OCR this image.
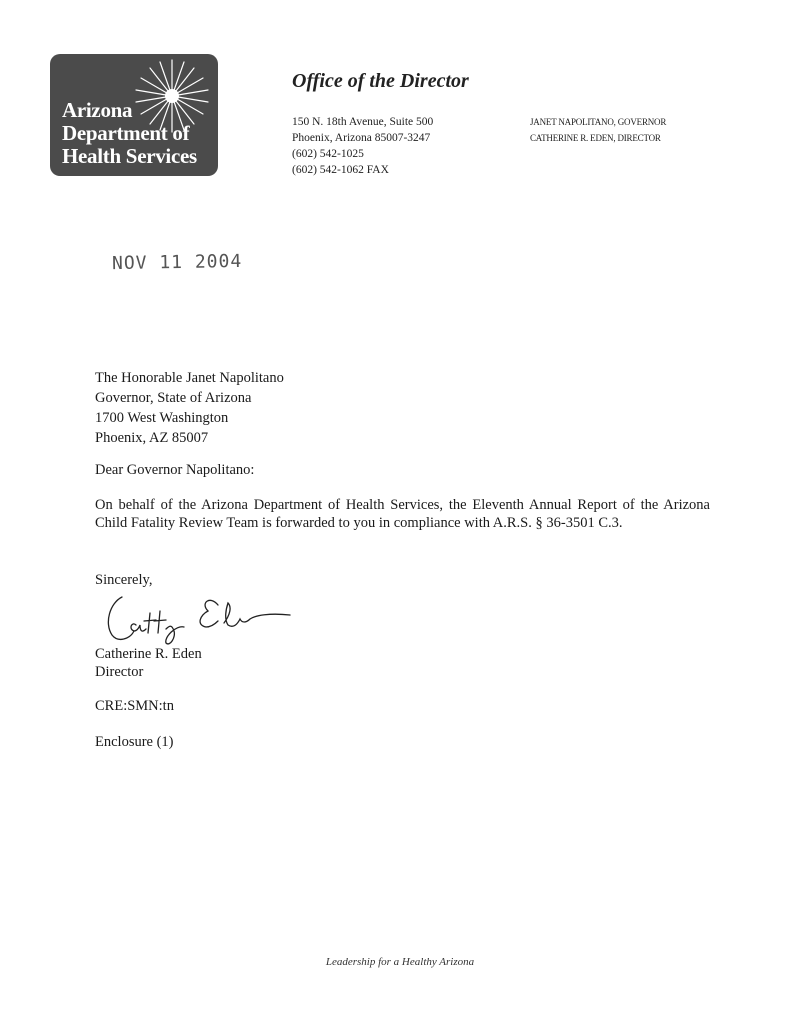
Arizona
Department of
Health Services
Office of the Director
150 N. 18th Avenue, Suite 500
Phoenix, Arizona 85007-3247
(602) 542-1025
(602) 542-1062 FAX
JANET NAPOLITANO, GOVERNOR
CATHERINE R. EDEN, DIRECTOR
NOV 11 2004
The Honorable Janet Napolitano
Governor, State of Arizona
1700 West Washington
Phoenix, AZ 85007
Dear Governor Napolitano:
On behalf of the Arizona Department of Health Services, the Eleventh Annual Report of the Arizona Child Fatality Review Team is forwarded to you in compliance with A.R.S. § 36-3501 C.3.
Sincerely,
Catherine R. Eden
Director
CRE:SMN:tn
Enclosure (1)
Leadership for a Healthy Arizona
